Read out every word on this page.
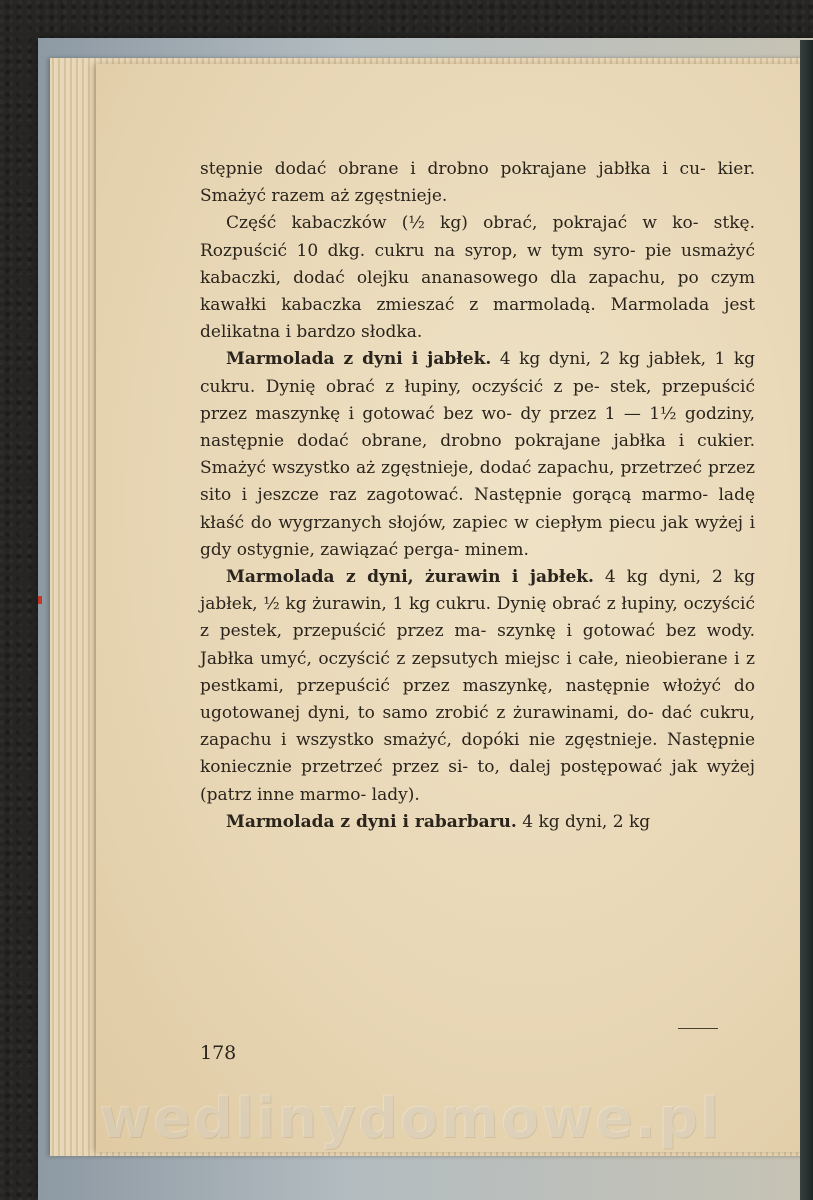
stępnie dodać obrane i drobno pokrajane jabłka i cu- kier. Smażyć razem aż zgęstnieje.

Część kabaczków (½ kg) obrać, pokrajać w ko- stkę. Rozpuścić 10 dkg. cukru na syrop, w tym syro- pie usmażyć kabaczki, dodać olejku ananasowego dla zapachu, po czym kawałki kabaczka zmieszać z marmoladą. Marmolada jest delikatna i bardzo słodka.

Marmolada z dyni i jabłek. 4 kg dyni, 2 kg jabłek, 1 kg cukru. Dynię obrać z łupiny, oczyścić z pe- stek, przepuścić przez maszynkę i gotować bez wo- dy przez 1 — 1½ godziny, następnie dodać obrane, drobno pokrajane jabłka i cukier. Smażyć wszystko aż zgęstnieje, dodać zapachu, przetrzeć przez sito i jeszcze raz zagotować. Następnie gorącą marmo- ladę kłaść do wygrzanych słojów, zapiec w ciepłym piecu jak wyżej i gdy ostygnie, zawiązać perga- minem.

Marmolada z dyni, żurawin i jabłek. 4 kg dyni, 2 kg jabłek, ½ kg żurawin, 1 kg cukru. Dynię obrać z łupiny, oczyścić z pestek, przepuścić przez ma- szynkę i gotować bez wody. Jabłka umyć, oczyścić z zepsutych miejsc i całe, nieobierane i z pestkami, przepuścić przez maszynkę, następnie włożyć do ugotowanej dyni, to samo zrobić z żurawinami, do- dać cukru, zapachu i wszystko smażyć, dopóki nie zgęstnieje. Następnie koniecznie przetrzeć przez si- to, dalej postępować jak wyżej (patrz inne marmo- lady).

Marmolada z dyni i rabarbaru. 4 kg dyni, 2 kg

178
wedlinydomowe.pl
